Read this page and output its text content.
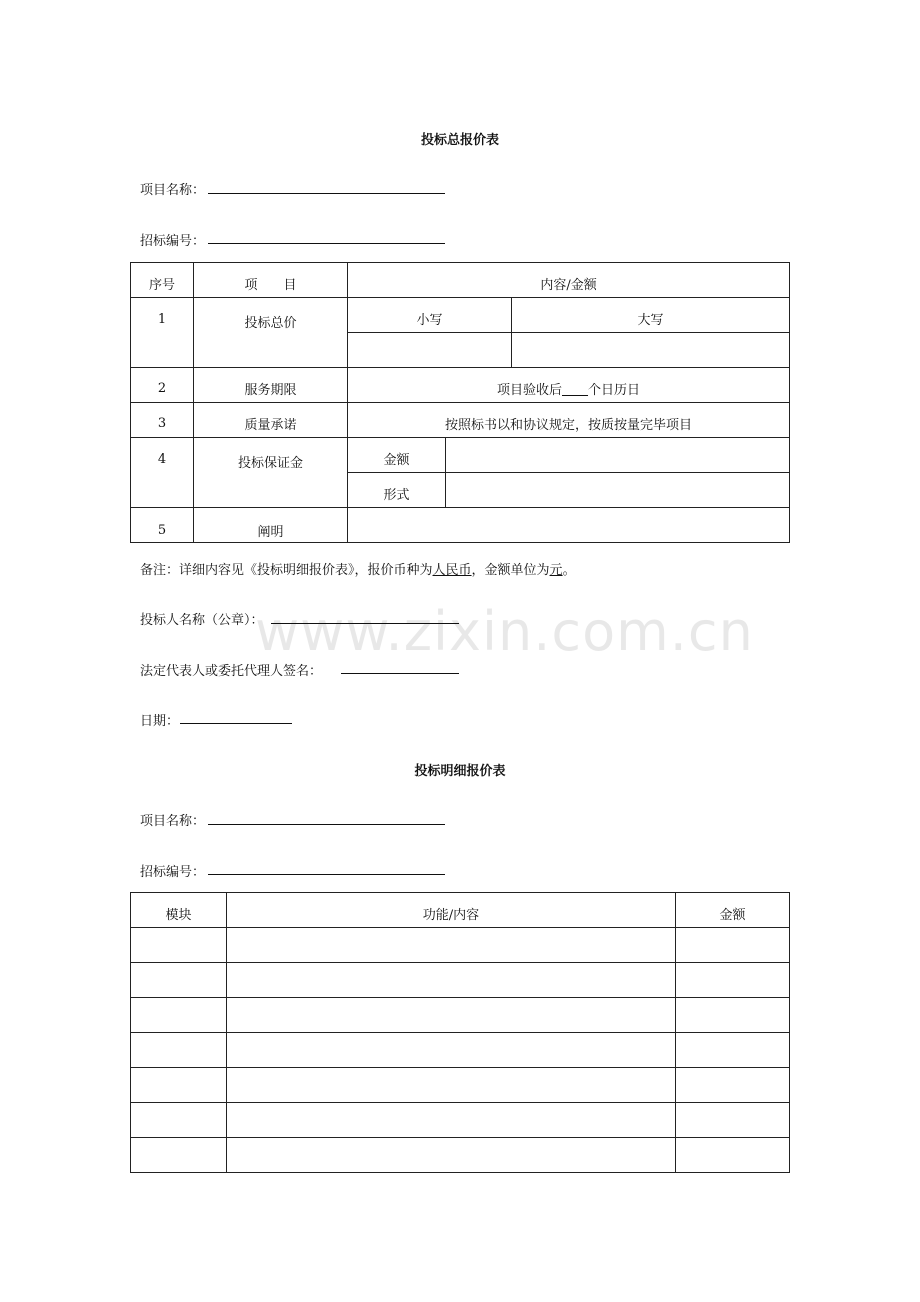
投标总报价表
项目名称：
招标编号：
序号	项　　目	内容/金额		
1	投标总价	小写		大写

2	服务期限	项目验收后　　 个日历日		
3	质量承诺	按照标书以和协议规定，按质按量完毕项目		
4	投标保证金	金额		
		形式		
5	阐明			
备注：详细内容见《投标明细报价表》，报价币种为人民币，金额单位为元。
www.zixin.com.cn
投标人名称（公章）：
法定代表人或委托代理人签名：
日期：
投标明细报价表
项目名称：
招标编号：
模块	功能/内容	金额
